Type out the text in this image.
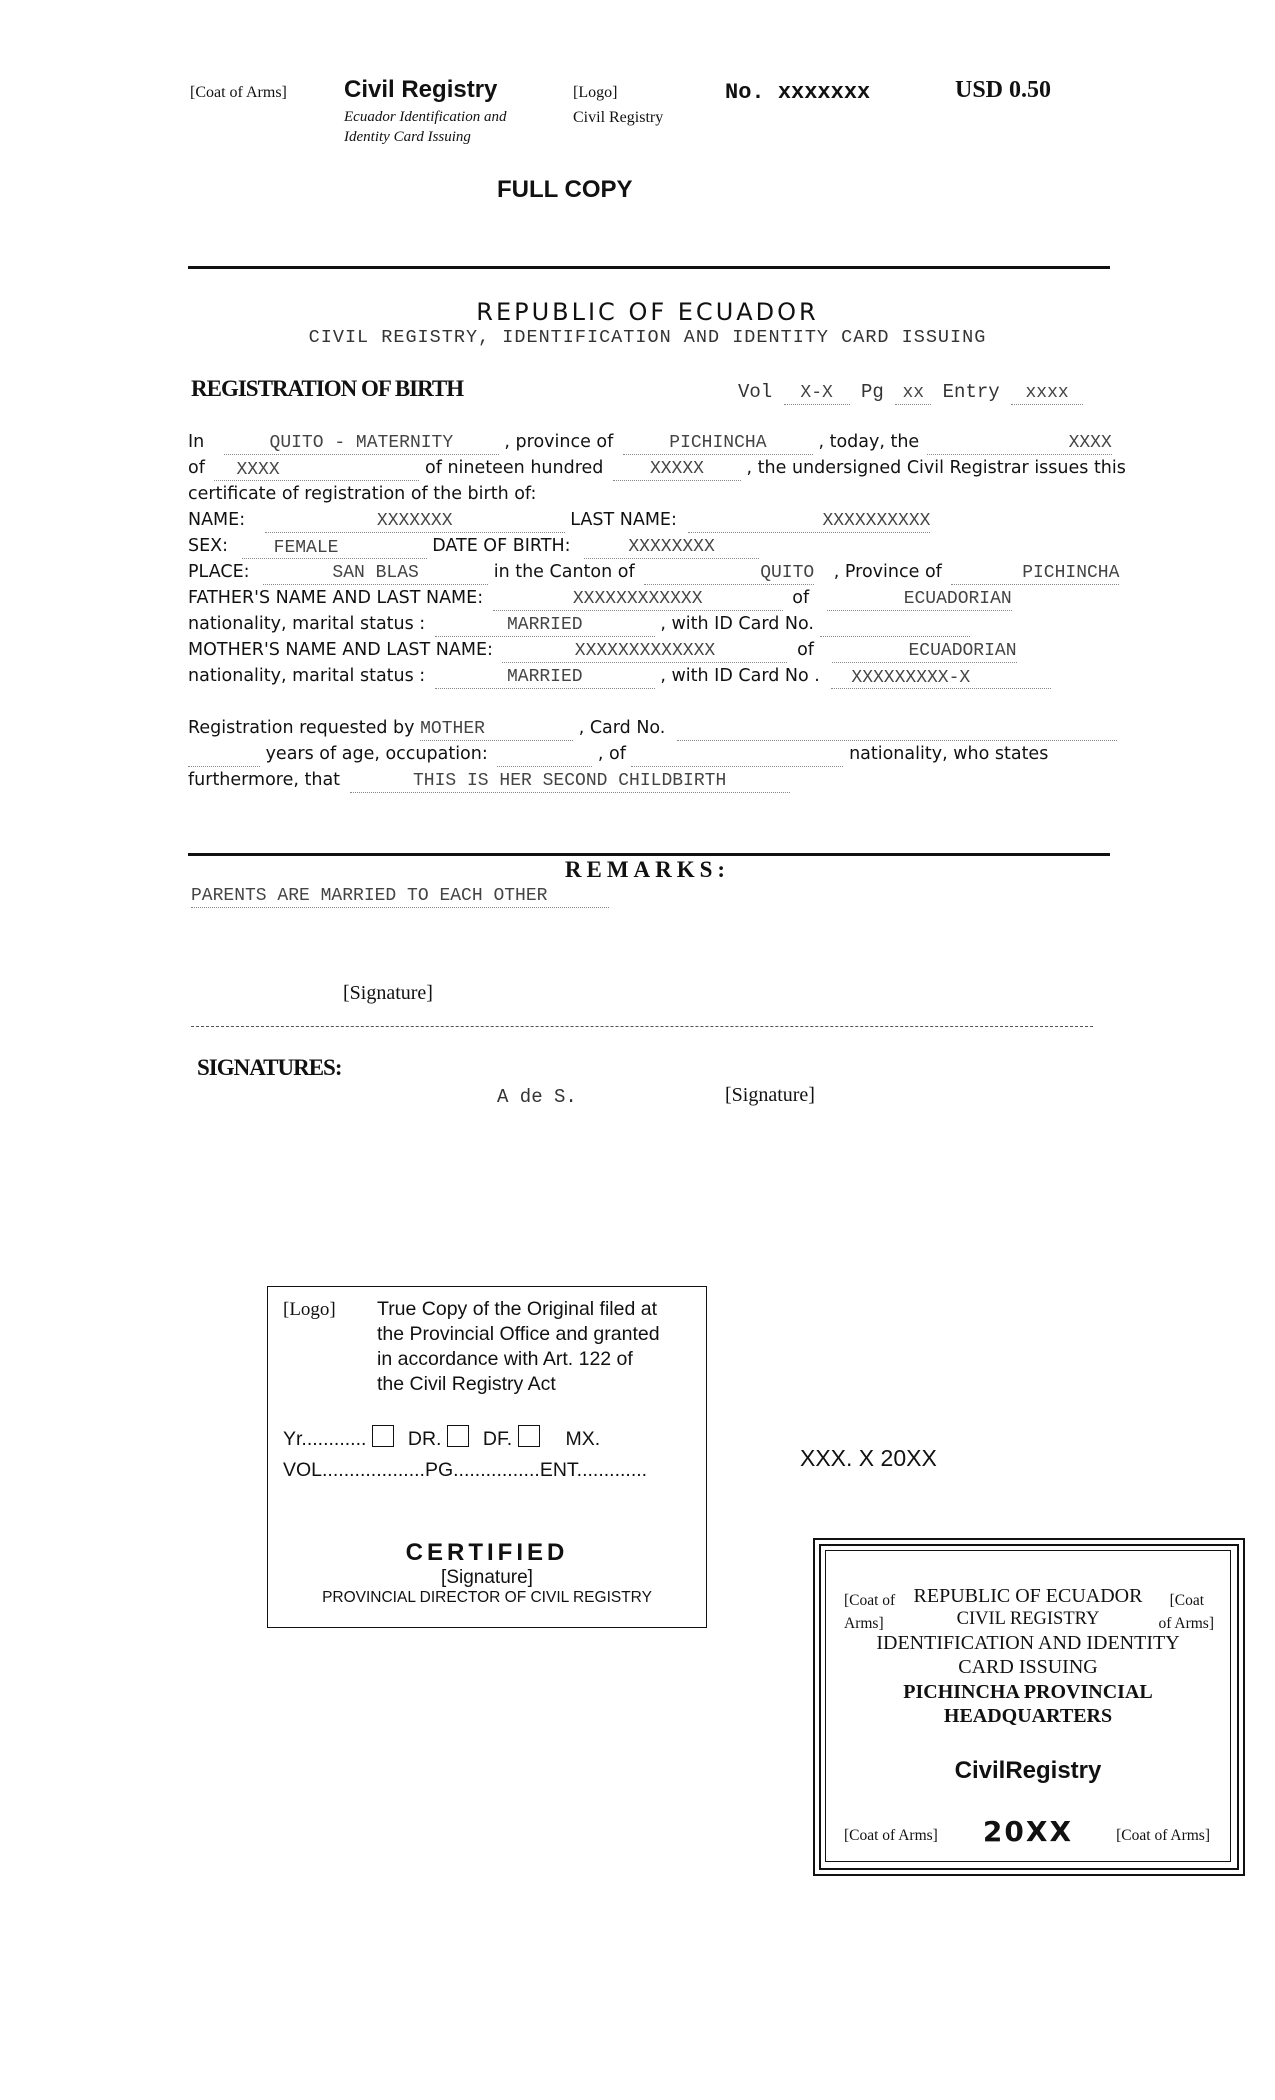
[Coat of Arms] Civil Registry
Ecuador Identification and
Identity Card Issuing
[Logo]
Civil Registry
No. xxxxxxx	USD 0.50
FULL COPY
REPUBLIC OF ECUADOR
CIVIL REGISTRY, IDENTIFICATION AND IDENTITY CARD ISSUING
REGISTRATION OF BIRTH	Vol X-X Pg xx Entry xxxx
In	QUITO - MATERNITY	, province of	PICHINCHA	, today, the	XXXX
of XXXX	of nineteen hundred	XXXXX , the undersigned Civil Registrar issues this
certificate of registration of the birth of:
NAME:	XXXXXXX	LAST NAME:	XXXXXXXXXX
SEX:	FEMALE	DATE OF BIRTH:	XXXXXXXX
PLACE:	SAN BLAS	in the Canton of	QUITO , Province of	PICHINCHA
FATHER'S NAME AND LAST NAME:	XXXXXXXXXXXX	of	ECUADORIAN
nationality, marital status :	MARRIED	, with ID Card No.
MOTHER'S NAME AND LAST NAME:	XXXXXXXXXXXXX	of	ECUADORIAN
nationality, marital status :	MARRIED	, with ID Card No . XXXXXXXXX-X
Registration requested by MOTHER	, Card No.
years of age, occupation:	, of	nationality, who states
furthermore, that	THIS IS HER SECOND CHILDBIRTH
REMARKS:
PARENTS ARE MARRIED TO EACH OTHER
[Signature]
SIGNATURES:
A de S.	[Signature]
[Logo] True Copy of the Original filed at
the Provincial Office and granted
in accordance with Art. 122 of
the Civil Registry Act
Yr............ DR. DF.	MX.
VOL...................PG................ENT.............
CERTIFIED
[Signature]
PROVINCIAL DIRECTOR OF CIVIL REGISTRY
XXX. X 20XX
[Coat of
Arms]
REPUBLIC OF ECUADOR	[Coat
of Arms]
CIVIL REGISTRY
IDENTIFICATION AND IDENTITY
CARD ISSUING
PICHINCHA PROVINCIAL
HEADQUARTERS
CivilRegistry
[Coat of Arms]	20XX	[Coat of Arms]
